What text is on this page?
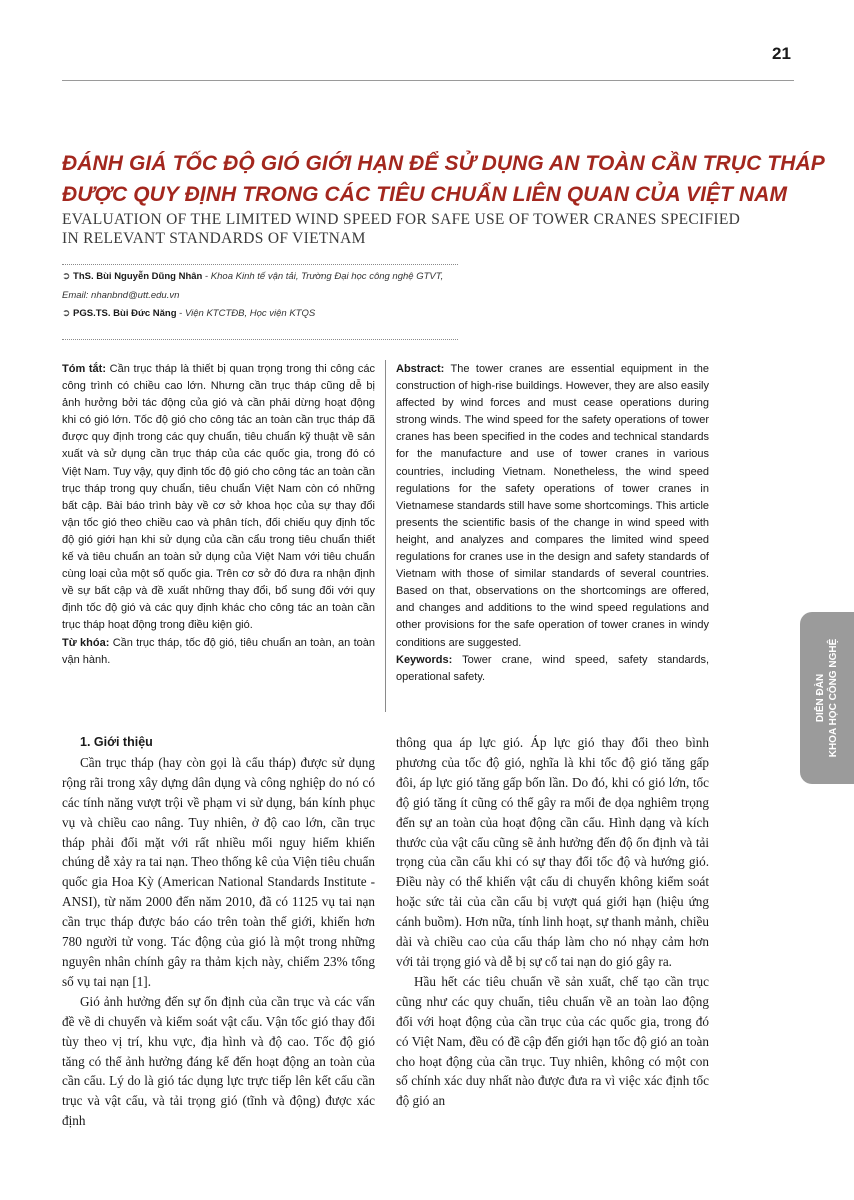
21
ĐÁNH GIÁ TỐC ĐỘ GIÓ GIỚI HẠN ĐỂ SỬ DỤNG AN TOÀN CẦN TRỤC THÁP
ĐƯỢC QUY ĐỊNH TRONG CÁC TIÊU CHUẨN LIÊN QUAN CỦA VIỆT NAM
EVALUATION OF THE LIMITED WIND SPEED FOR SAFE USE OF TOWER CRANES SPECIFIED
IN RELEVANT STANDARDS OF VIETNAM
➲ ThS. Bùi Nguyễn Dũng Nhân - Khoa Kinh tế vận tải, Trường Đại học công nghệ GTVT,
Email: nhanbnd@utt.edu.vn
➲ PGS.TS. Bùi Đức Năng - Viện KTCTĐB, Học viện KTQS
Tóm tắt: Cần trục tháp là thiết bị quan trọng trong thi công các công trình có chiều cao lớn. Nhưng cần trục tháp cũng dễ bị ảnh hưởng bởi tác động của gió và cần phải dừng hoạt động khi có gió lớn. Tốc độ gió cho công tác an toàn cần trục tháp đã được quy định trong các quy chuẩn, tiêu chuẩn kỹ thuật về sản xuất và sử dụng cần trục tháp của các quốc gia, trong đó có Việt Nam. Tuy vậy, quy định tốc độ gió cho công tác an toàn cần trục tháp trong quy chuẩn, tiêu chuẩn Việt Nam còn có những bất cập. Bài báo trình bày về cơ sở khoa học của sự thay đổi vận tốc gió theo chiều cao và phân tích, đối chiếu quy định tốc độ gió giới hạn khi sử dụng của cần cẩu trong tiêu chuẩn thiết kế và tiêu chuẩn an toàn sử dụng của Việt Nam với tiêu chuẩn cùng loại của một số quốc gia. Trên cơ sở đó đưa ra nhận định về sự bất cập và đề xuất những thay đổi, bổ sung đối với quy định tốc độ gió và các quy định khác cho công tác an toàn cần trục tháp hoạt động trong điều kiện gió.
Từ khóa: Cần trục tháp, tốc độ gió, tiêu chuẩn an toàn, an toàn vận hành.
Abstract: The tower cranes are essential equipment in the construction of high-rise buildings. However, they are also easily affected by wind forces and must cease operations during strong winds. The wind speed for the safety operations of tower cranes has been specified in the codes and technical standards for the manufacture and use of tower cranes in various countries, including Vietnam. Nonetheless, the wind speed regulations for the safety operations of tower cranes in Vietnamese standards still have some shortcomings. This article presents the scientific basis of the change in wind speed with height, and analyzes and compares the limited wind speed regulations for cranes use in the design and safety standards of Vietnam with those of similar standards of several countries. Based on that, observations on the shortcomings are offered, and changes and additions to the wind speed regulations and other provisions for the safe operation of tower cranes in windy conditions are suggested.
Keywords: Tower crane, wind speed, safety standards, operational safety.
1. Giới thiệu

Cần trục tháp (hay còn gọi là cẩu tháp) được sử dụng rộng rãi trong xây dựng dân dụng và công nghiệp do nó có các tính năng vượt trội về phạm vi sử dụng, bán kính phục vụ và chiều cao nâng. Tuy nhiên, ở độ cao lớn, cần trục tháp phải đối mặt với rất nhiều mối nguy hiểm khiến chúng dễ xảy ra tai nạn. Theo thống kê của Viện tiêu chuẩn quốc gia Hoa Kỳ (American National Standards Institute - ANSI), từ năm 2000 đến năm 2010, đã có 1125 vụ tai nạn cần trục tháp được báo cáo trên toàn thế giới, khiến hơn 780 người tử vong. Tác động của gió là một trong những nguyên nhân chính gây ra thảm kịch này, chiếm 23% tổng số vụ tai nạn [1].

Gió ảnh hưởng đến sự ổn định của cần trục và các vấn đề về di chuyển và kiểm soát vật cẩu. Vận tốc gió thay đổi tùy theo vị trí, khu vực, địa hình và độ cao. Tốc độ gió tăng có thể ảnh hưởng đáng kể đến hoạt động an toàn của cần cẩu. Lý do là gió tác dụng lực trực tiếp lên kết cấu cần trục và vật cẩu, và tải trọng gió (tĩnh và động) được xác định

thông qua áp lực gió. Áp lực gió thay đổi theo bình phương của tốc độ gió, nghĩa là khi tốc độ gió tăng gấp đôi, áp lực gió tăng gấp bốn lần. Do đó, khi có gió lớn, tốc độ gió tăng ít cũng có thể gây ra mối đe dọa nghiêm trọng đến sự an toàn của hoạt động cần cẩu. Hình dạng và kích thước của vật cẩu cũng sẽ ảnh hưởng đến độ ổn định và tải trọng của cần cẩu khi có sự thay đổi tốc độ và hướng gió. Điều này có thể khiến vật cẩu di chuyển không kiểm soát hoặc sức tải của cần cẩu bị vượt quá giới hạn (hiệu ứng cánh buồm). Hơn nữa, tính linh hoạt, sự thanh mảnh, chiều dài và chiều cao của cẩu tháp làm cho nó nhạy cảm hơn với tải trọng gió và dễ bị sự cố tai nạn do gió gây ra.

Hầu hết các tiêu chuẩn về sản xuất, chế tạo cần trục cũng như các quy chuẩn, tiêu chuẩn về an toàn lao động đối với hoạt động của cần trục của các quốc gia, trong đó có Việt Nam, đều có đề cập đến giới hạn tốc độ gió an toàn cho hoạt động của cần trục. Tuy nhiên, không có một con số chính xác duy nhất nào được đưa ra vì việc xác định tốc độ gió an

DIỄN ĐÀN KHOA HỌC CÔNG NGHỆ
